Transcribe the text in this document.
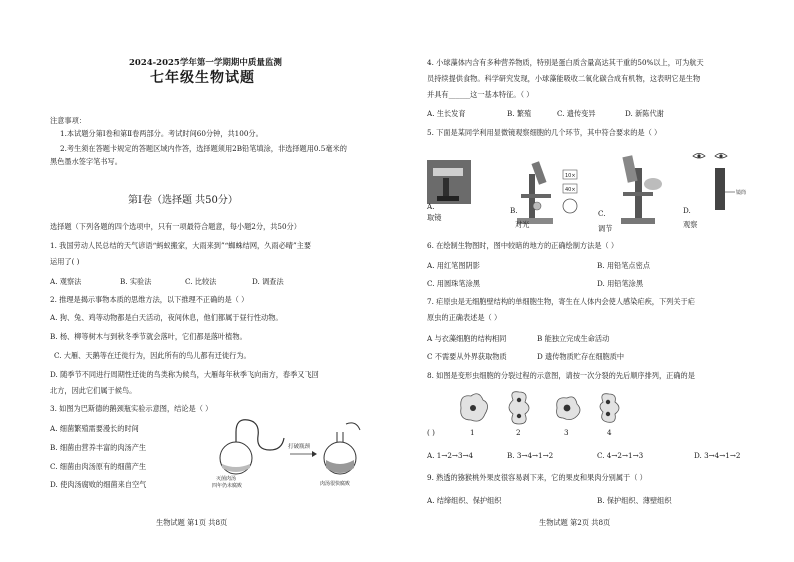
2024-2025学年第一学期期中质量监测
七年级生物试题
注意事项：
1.本试题分第Ⅰ卷和第Ⅱ卷两部分。考试时间60分钟，共100分。
2.考生须在答题卡规定的答题区域内作答，选择题须用2B铅笔填涂，非选择题用0.5毫米的
黑色墨水签字笔书写。
第Ⅰ卷（选择题 共50分）
选择题（下列各题的四个选项中，只有一项最符合题意，每小题2分，共50分）
1. 我国劳动人民总结的天气谚语“蚂蚁搬家，大雨来到”“蜘蛛结网，久雨必晴”主要
运用了( )
A. 观察法	B. 实验法	C. 比较法	D. 调查法
2. 推理是揭示事物本质的思维方法，以下推理不正确的是（ ）
A. 狗、兔、鸡等动物都是白天活动，夜间休息，他们都属于昼行性动物。
B. 杨、柳等树木与到秋冬季节就会落叶，它们都是落叶植物。
C. 大雁、天鹅等在迁徙行为，因此所有的鸟儿都有迁徙行为。
D. 随季节不同进行周期性迁徙的鸟类称为候鸟，大雁每年秋季飞向南方，春季又飞回
北方，因此它们属于候鸟。
3. 如图为巴斯德的鹅颈瓶实验示意图，结论是（ ）
A. 细菌繁殖需要漫长的时间
B. 细菌由营养丰富的肉汤产生
C. 细菌由肉汤原有的细菌产生
D. 使肉汤腐败的细菌来自空气
打破瓶颈
灭菌肉汤
四年仍未腐败	肉汤很快腐败
生物试题 第1页 共8页
4. 小球藻体内含有多种营养物质，特别是蛋白质含量高达其干重的50%以上，可为航天
员持续提供食物。科学研究发现，小球藻能吸收二氧化碳合成有机物，这表明它是生物
并具有______这一基本特征。（ ）
A. 生长发育	B. 繁殖	C. 遗传变异	D. 新陈代谢
5. 下面是某同学利用显微镜观察细胞的几个环节，其中符合要求的是（ ）
10×
40×	镜筒
A.
取镜
B.
对光
C.
调节
D.
观察
6. 在绘制生物图时，图中较暗的地方的正确绘制方法是（ ）
A. 用红笔图阴影	B. 用铅笔点密点
C. 用圆珠笔涂黑	D. 用铅笔涂黑
7. 疟原虫是无细胞壁结构的单细胞生物，寄生在人体内会使人感染疟疾，下列关于疟
原虫的正确表述是（ ）
A 与衣藻细胞的结构相同	B 能独立完成生命活动
C 不需要从外界获取物质	D 遗传物质贮存在细胞质中
8. 如图是变形虫细胞的分裂过程的示意图，请按一次分裂的先后顺序排列，正确的是
( )	1	2	3	4
A. 1→2→3→4	B. 3→4→1→2	C. 4→2→1→3	D. 3→4→1→2
9. 熟透的猕猴桃外果皮很容易剥下来，它的果皮和果肉分别属于（ ）
A. 结缔组织、保护组织	B. 保护组织、薄壁组织
生物试题 第2页 共8页
